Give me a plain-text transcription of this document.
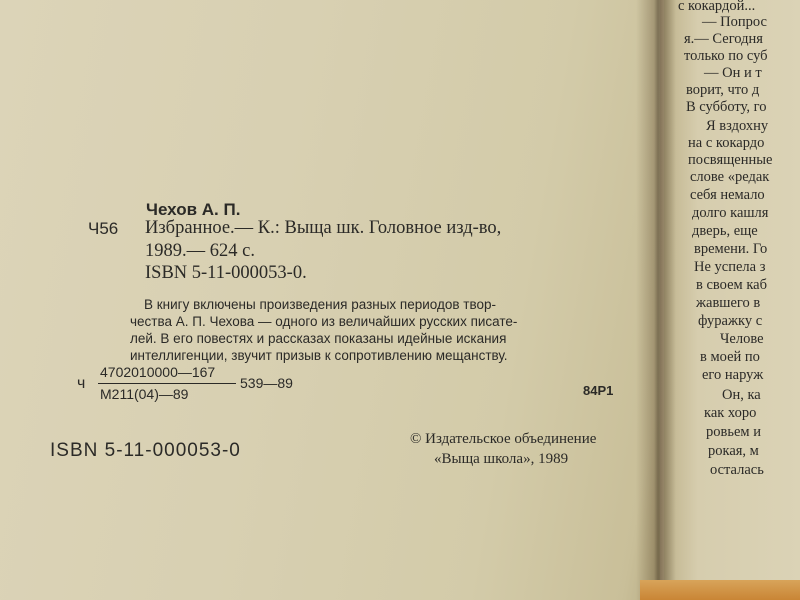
с кокардой...
— Попрос
я.— Сегодня
только по суб
— Он и т
ворит, что д
В субботу, го
Я вздохну
на с кокардо
посвященные
слове «редак
себя немало
долго кашля
дверь, еще
времени. Го
Не успела з
в своем каб
жавшего в
фуражку с
Челове
в моей по
его наруж
Он, ка
как хоро
ровьем и
рокая, м
осталась
Чехов А. П.
Ч56 Избранное.— К.: Выща шк. Головное изд-во,
1989.— 624 с.
ISBN 5-11-000053-0.
В книгу включены произведения разных периодов твор-
чества А. П. Чехова — одного из величайших русских писате-
лей. В его повестях и рассказах показаны идейные искания
интеллигенции, звучит призыв к сопротивлению мещанству.
ч
4702010000—167
М211(04)—89
539—89	84Р1
ISBN 5-11-000053-0
© Издательское объединение
«Выща школа», 1989
